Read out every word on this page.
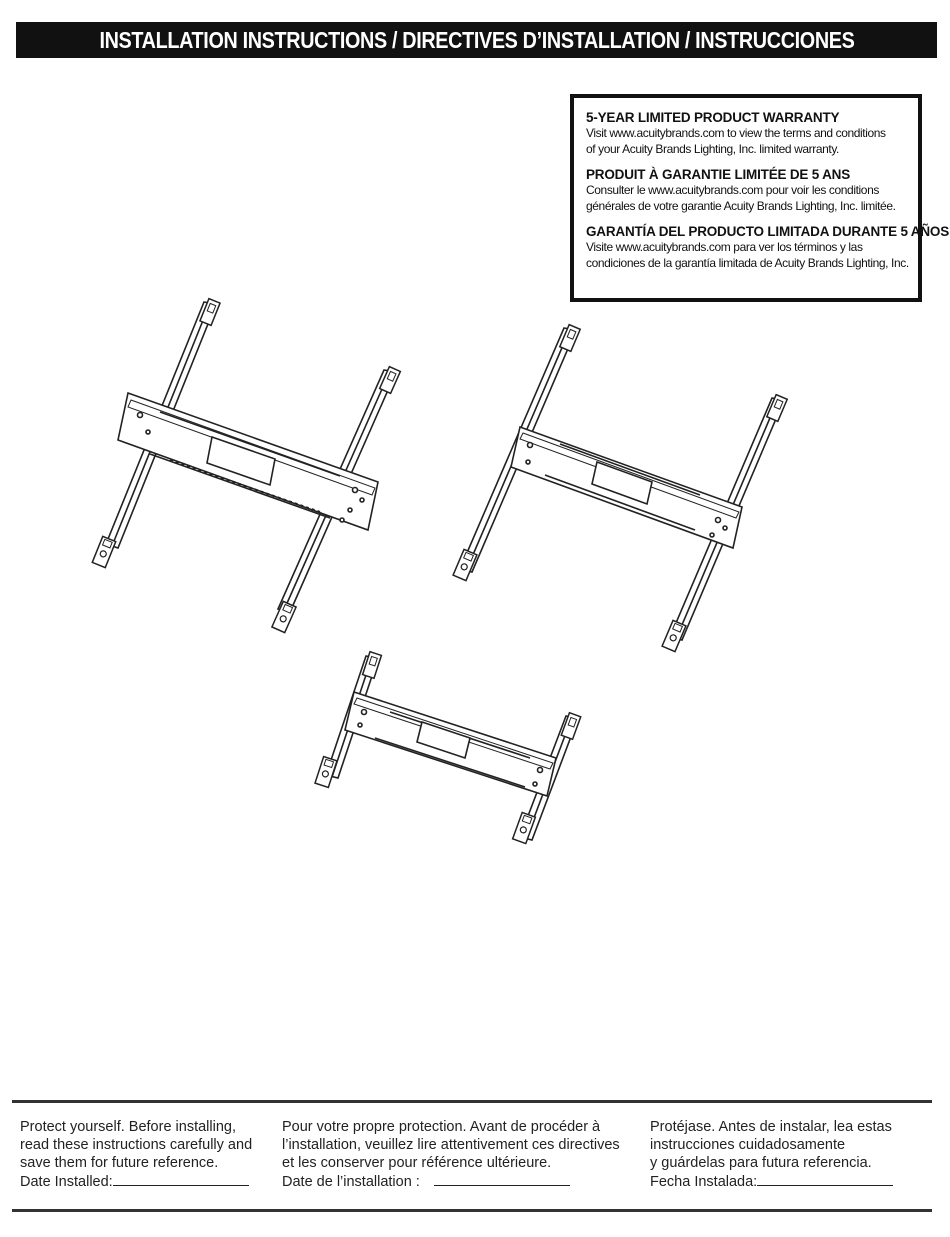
INSTALLATION INSTRUCTIONS / DIRECTIVES D’INSTALLATION / INSTRUCCIONES
5-YEAR LIMITED PRODUCT WARRANTY
Visit www.acuitybrands.com to view the terms and conditions
of your Acuity Brands Lighting, Inc. limited warranty.
PRODUIT À GARANTIE LIMITÉE DE 5 ANS
Consulter le www.acuitybrands.com pour voir les conditions
générales de votre garantie Acuity Brands Lighting, Inc. limitée.
GARANTÍA DEL PRODUCTO LIMITADA DURANTE 5 AÑOS
Visite www.acuitybrands.com para ver los términos y las
condiciones de la garantía limitada de Acuity Brands Lighting, Inc.
Protect yourself. Before installing,
read these instructions carefully and
save them for future reference.
Date Installed:
Pour votre propre protection. Avant de procéder à
l’installation, veuillez lire attentivement ces directives
et les conserver pour référence ultérieure.
Date de l’installation :
Protéjase. Antes de instalar, lea estas
instrucciones cuidadosamente
y guárdelas para futura referencia.
Fecha Instalada:
